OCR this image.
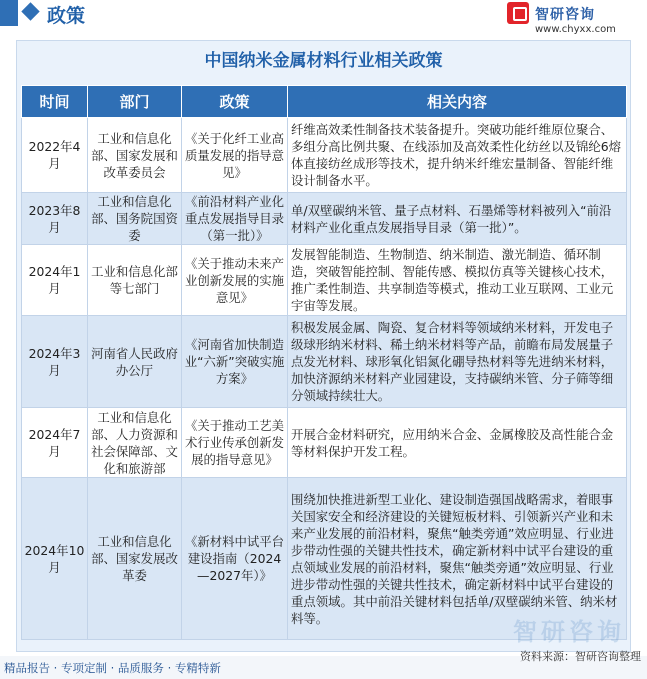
政策	智研咨询
www.chyxx.com
中国纳米金属材料行业相关政策
时间	部门	政策	相关内容
2022年4月	工业和信息化部、国家发展和改革委员会	《关于化纤工业高质量发展的指导意见》	纤维高效柔性制备技术装备提升。突破功能纤维原位聚合、多组分高比例共聚、在线添加及高效柔性化纺丝以及锦纶6熔体直接纺丝成形等技术，提升纳米纤维宏量制备、智能纤维设计制备水平。
2023年8月	工业和信息化部、国务院国资委	《前沿材料产业化重点发展指导目录（第一批）》	单/双壁碳纳米管、量子点材料、石墨烯等材料被列入“前沿材料产业化重点发展指导目录（第一批）”。
2024年1月	工业和信息化部等七部门	《关于推动未来产业创新发展的实施意见》	发展智能制造、生物制造、纳米制造、激光制造、循环制造，突破智能控制、智能传感、模拟仿真等关键核心技术，推广柔性制造、共享制造等模式，推动工业互联网、工业元宇宙等发展。
2024年3月	河南省人民政府办公厅	《河南省加快制造业“六新”突破实施方案》	积极发展金属、陶瓷、复合材料等领域纳米材料，开发电子级球形纳米材料、稀土纳米材料等产品，前瞻布局发展量子点发光材料、球形氧化铝氮化硼导热材料等先进纳米材料，加快济源纳米材料产业园建设，支持碳纳米管、分子筛等细分领域持续壮大。
2024年7月	工业和信息化部、人力资源和社会保障部、文化和旅游部	《关于推动工艺美术行业传承创新发展的指导意见》	开展合金材料研究，应用纳米合金、金属橡胶及高性能合金等材料保护开发工程。
2024年10月	工业和信息化部、国家发展改革委	《新材料中试平台建设指南（2024—2027年）》	围绕加快推进新型工业化、建设制造强国战略需求，着眼事关国家安全和经济建设的关键短板材料、引领新兴产业和未来产业发展的前沿材料，聚焦“触类旁通”效应明显、行业进步带动性强的关键共性技术，确定新材料中试平台建设的重点领域业发展的前沿材料，聚焦“触类旁通”效应明显、行业进步带动性强的关键共性技术，确定新材料中试平台建设的重点领域。其中前沿关键材料包括单/双壁碳纳米管、纳米材料等。	智研咨询
精品报告 · 专项定制 · 品质服务 · 专精特新
资料来源：智研咨询整理
